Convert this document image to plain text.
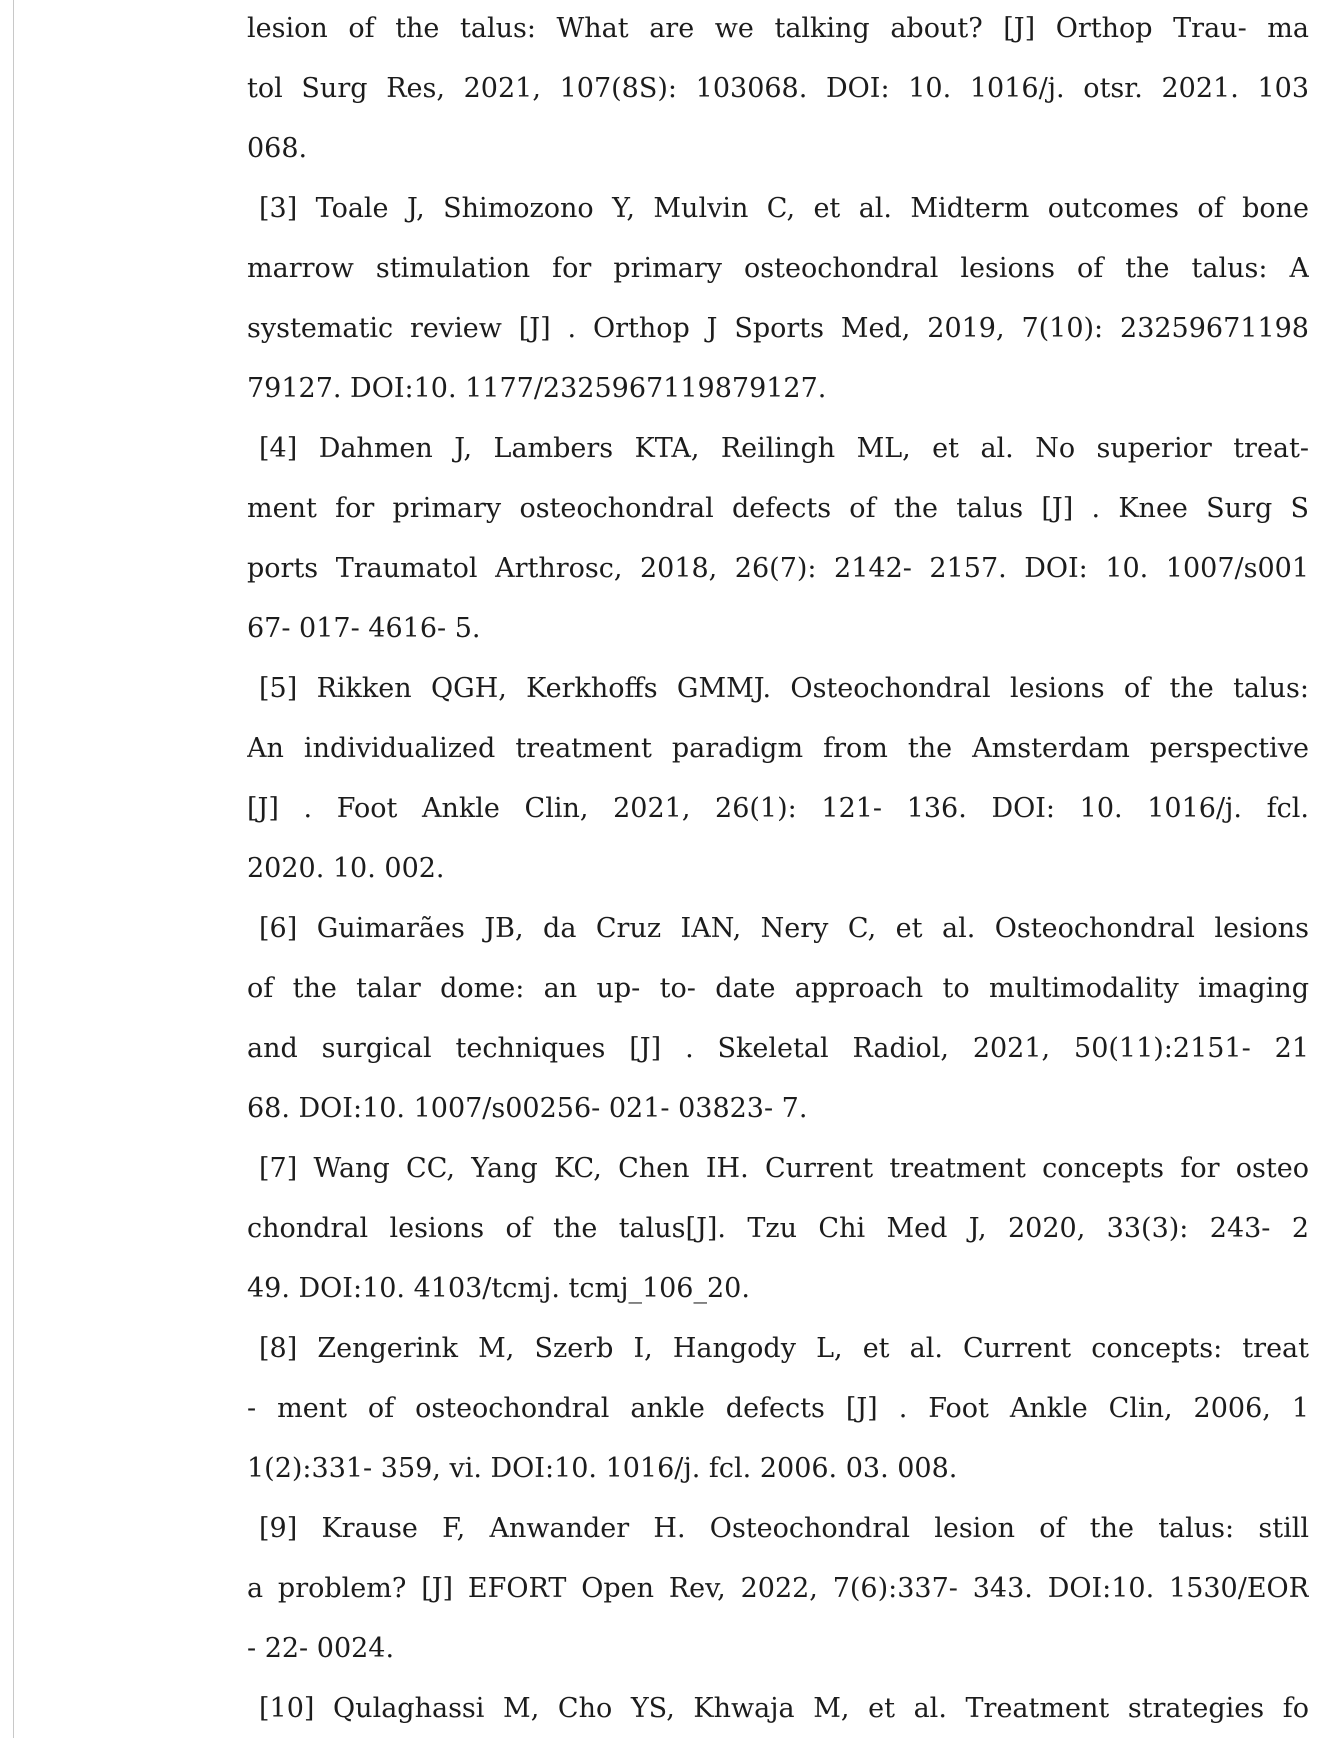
lesion of the talus: What are we talking about? [J] Orthop Trau- ma
tol Surg Res, 2021, 107(8S): 103068. DOI: 10. 1016/j. otsr. 2021. 103
068.
[3] Toale J, Shimozono Y, Mulvin C, et al. Midterm outcomes of bone
marrow stimulation for primary osteochondral lesions of the talus: A
systematic review [J] . Orthop J Sports Med, 2019, 7(10): 23259671198
79127. DOI:10. 1177/2325967119879127.
[4] Dahmen J, Lambers KTA, Reilingh ML, et al. No superior treat-
ment for primary osteochondral defects of the talus [J] . Knee Surg S
ports Traumatol Arthrosc, 2018, 26(7): 2142- 2157. DOI: 10. 1007/s001
67- 017- 4616- 5.
[5] Rikken QGH, Kerkhoffs GMMJ. Osteochondral lesions of the talus:
An individualized treatment paradigm from the Amsterdam perspective
[J] . Foot Ankle Clin, 2021, 26(1): 121- 136. DOI: 10. 1016/j. fcl.
2020. 10. 002.
[6] Guimarães JB, da Cruz IAN, Nery C, et al. Osteochondral lesions
of the talar dome: an up- to- date approach to multimodality imaging
and surgical techniques [J] . Skeletal Radiol, 2021, 50(11):2151- 21
68. DOI:10. 1007/s00256- 021- 03823- 7.
[7] Wang CC, Yang KC, Chen IH. Current treatment concepts for osteo
chondral lesions of the talus[J]. Tzu Chi Med J, 2020, 33(3): 243- 2
49. DOI:10. 4103/tcmj. tcmj_106_20.
[8] Zengerink M, Szerb I, Hangody L, et al. Current concepts: treat
- ment of osteochondral ankle defects [J] . Foot Ankle Clin, 2006, 1
1(2):331- 359, vi. DOI:10. 1016/j. fcl. 2006. 03. 008.
[9] Krause F, Anwander H. Osteochondral lesion of the talus: still
a problem? [J] EFORT Open Rev, 2022, 7(6):337- 343. DOI:10. 1530/EOR
- 22- 0024.
[10] Qulaghassi M, Cho YS, Khwaja M, et al. Treatment strategies fo
